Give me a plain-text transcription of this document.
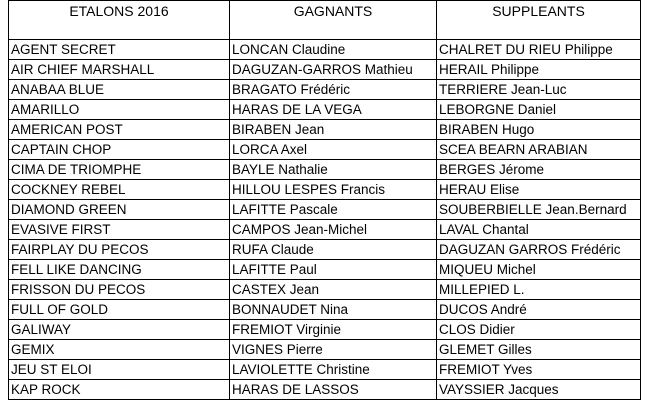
ETALONS 2016	GAGNANTS	SUPPLEANTS
AGENT SECRET	LONCAN Claudine	CHALRET DU RIEU Philippe
AIR CHIEF MARSHALL	DAGUZAN-GARROS Mathieu	HERAIL Philippe
ANABAA BLUE	BRAGATO Frédéric	TERRIERE Jean-Luc
AMARILLO	HARAS DE LA VEGA	LEBORGNE Daniel
AMERICAN POST	BIRABEN Jean	BIRABEN Hugo
CAPTAIN CHOP	LORCA Axel	SCEA BEARN ARABIAN
CIMA DE TRIOMPHE	BAYLE Nathalie	BERGES Jérome
COCKNEY REBEL	HILLOU LESPES Francis	HERAU Elise
DIAMOND GREEN	LAFITTE Pascale	SOUBERBIELLE Jean.Bernard
EVASIVE FIRST	CAMPOS Jean-Michel	LAVAL Chantal
FAIRPLAY DU PECOS	RUFA Claude	DAGUZAN GARROS Frédéric
FELL LIKE DANCING	LAFITTE Paul	MIQUEU Michel
FRISSON DU PECOS	CASTEX Jean	MILLEPIED L.
FULL OF GOLD	BONNAUDET Nina	DUCOS André
GALIWAY	FREMIOT Virginie	CLOS Didier
GEMIX	VIGNES Pierre	GLEMET Gilles
JEU ST ELOI	LAVIOLETTE Christine	FREMIOT Yves
KAP ROCK	HARAS DE LASSOS	VAYSSIER Jacques
